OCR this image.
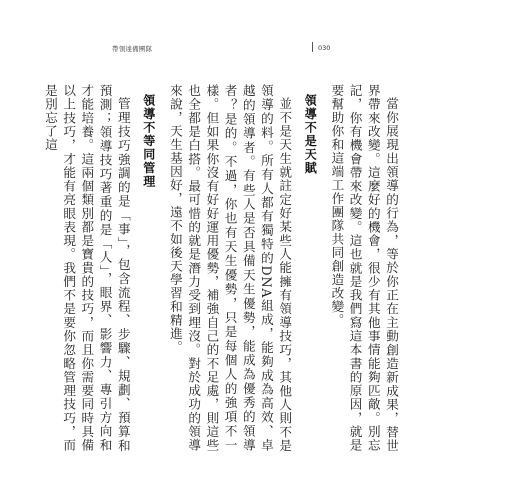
帶領達備團隊	030

當你展現出領導的行為，等於你正在主動創造新成果，替世界帶來改變。這麼好的機會，很少有其他事情能夠匹敵。別忘記，你有機會帶來改變。這也就是我們寫這本書的原因，就是要幫助你和這端工作團隊共同創造改變。

領導不是天賦

並不是天生就註定好某些人能擁有領導技巧，其他人則不是領導的料。所有人都有獨特的DNA組成，能夠成為高效、卓越的領導者。有些人是否具備天生優勢，能成為優秀的領導者？是的。不過，你也有天生優勢，只是每個人的強項不一樣。但如果你沒有好好運用優勢，補強自己的不足處，則這些也全都是白搭。最可惜的就是潛力受到埋沒。對於成功的領導來說，天生基因好，遠不如後天學習和精進。

領導不等同管理

管理技巧強調的是「事」，包含流程、步驟、規劃、預算和預測；領導技巧著重的是「人」，眼界、影響力、專引方向和才能培養。這兩個類別都是寶貴的技巧，而且你需要同時具備以上技巧，才能有亮眼表現。我們不是要你忽略管理技巧，而是別忘了這
